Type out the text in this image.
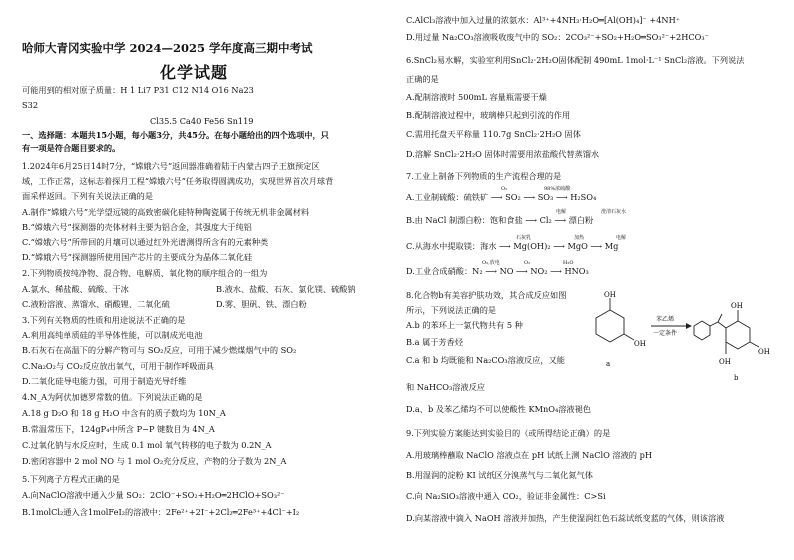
哈师大青冈实验中学 2024—2025 学年度高三期中考试
化学试题
可能用到的相对原子质量：H 1 Li7 P31 C12 N14 O16 Na23
S32
Cl35.5 Ca40 Fe56 Sn119
一、选择题：本题共15小题，每小题3分，共45分。在每小题给出的四个选项中，只
有一项是符合题目要求的。
1.2024年6月25日14时7分，“嫦娥六号”返回器准确着陆于内蒙古四子王旗预定区
域，工作正常，这标志着探月工程“嫦娥六号”任务取得圆满成功，实现世界首次月球背
面采样返回。下列有关说法正确的是
A.制作“嫦娥六号”光学望远镜的高致密碳化硅特种陶瓷属于传统无机非金属材料
B.“嫦娥六号”探测器的壳体材料主要为铝合金，其强度大于纯铝
C.“嫦娥六号”所带回的月壤可以通过红外光谱测得所含有的元素种类
D.“嫦娥六号”探测器所使用国产芯片的主要成分为晶体二氧化硅
2.下列物质按纯净物、混合物、电解质、氧化物的顺序组合的一组为
A.氯水、稀盐酸、硫酸、干冰	B.液水、盐酸、石灰、氯化镁、硫酸钠
C.液粉溶液、蒸馏水、硝酸锂、二氧化硫	D.雾、胆矾、铁、漂白粉
3.下列有关物质的性质和用途说法不正确的是
A.利用高纯单质硅的半导体性能，可以制成光电池
B.石灰石在高温下的分解产物可与 SO₂反应，可用于减少燃煤烟气中的 SO₂
C.Na₂O₂与 CO₂反应放出氧气，可用于制作呼吸面具
D.二氧化硅导电能力强，可用于制造光导纤维
4.N_A为阿伏加德罗常数的值。下列说法正确的是
A.18 g D₂O 和 18 g H₂O 中含有的质子数均为 10N_A
B.常温常压下，124gP₄中所含 P−P 键数目为 4N_A
C.过氧化钠与水反应时，生成 0.1 mol 氧气转移的电子数为 0.2N_A
D.密闭容器中 2 mol NO 与 1 mol O₂充分反应，产物的分子数为 2N_A
5.下列离子方程式正确的是
A.向NaClO溶液中通入少量 SO₂：2ClO⁻+SO₂+H₂O═2HClO+SO₃²⁻
B.1molCl₂通入含1molFeI₂的溶液中：2Fe²⁺+2I⁻+2Cl₂═2Fe³⁺+4Cl⁻+I₂
C.AlCl₃溶液中加入过量的浓氨水：Al³⁺+4NH₃·H₂O═[Al(OH)₄]⁻ +4NH⁺
D.用过量 Na₂CO₃溶液吸收废气中的 SO₂：2CO₃²⁻+SO₂+H₂O═SO₃²⁻+2HCO₃⁻
6.SnCl₂易水解，实验室利用SnCl₂·2H₂O固体配制 490mL 1mol·L⁻¹ SnCl₂溶液。下列说法
正确的是
A.配制溶液时 500mL 容量瓶需要干燥
B.配制溶液过程中，玻璃棒只起到引流的作用
C.需用托盘天平称量 110.7g SnCl₂·2H₂O 固体
D.溶解 SnCl₂·2H₂O 固体时需要用浓盐酸代替蒸馏水
7.工业上制备下列物质的生产流程合理的是
A.工业制硫酸：硫铁矿 ⟶ SO₂ ⟶ SO₃ ⟶ H₂SO₄
O₂	98%浓硫酸
B.由 NaCl 制漂白粉：饱和食盐 ⟶ Cl₂ ⟶ 漂白粉
电解	澄清石灰水
C.从海水中提取镁：海水 ⟶ Mg(OH)₂ ⟶ MgO ⟶ Mg
石灰乳	加热	电解
D.工业合成硝酸：N₂ ⟶ NO ⟶ NO₂ ⟶ HNO₃
O₂,放电	O₂	H₂O
8.化合物b有美容护肤功效，其合成反应如图
所示，下列说法正确的是
A.b 的苯环上一氯代物共有 5 种
B.a 属于芳香烃
C.a 和 b 均既能和 Na₂CO₃溶液反应，又能
和 NaHCO₃溶液反应
D.a、b 及苯乙烯均不可以使酸性 KMnO₄溶液褪色
OH
OH
a
苯乙烯
一定条件
OH
OH
OH
b
9.下列实验方案能达到实验目的（或所得结论正确）的是
A.用玻璃棒蘸取 NaClO 溶液点在 pH 试纸上测 NaClO 溶液的 pH
B.用湿润的淀粉 KI 试纸区分溴蒸气与二氧化氮气体
C.向 Na₂SiO₃溶液中通入 CO₂，验证非金属性：C>Si
D.向某溶液中滴入 NaOH 溶液并加热，产生使湿润红色石蕊试纸变蓝的气体，则该溶液
